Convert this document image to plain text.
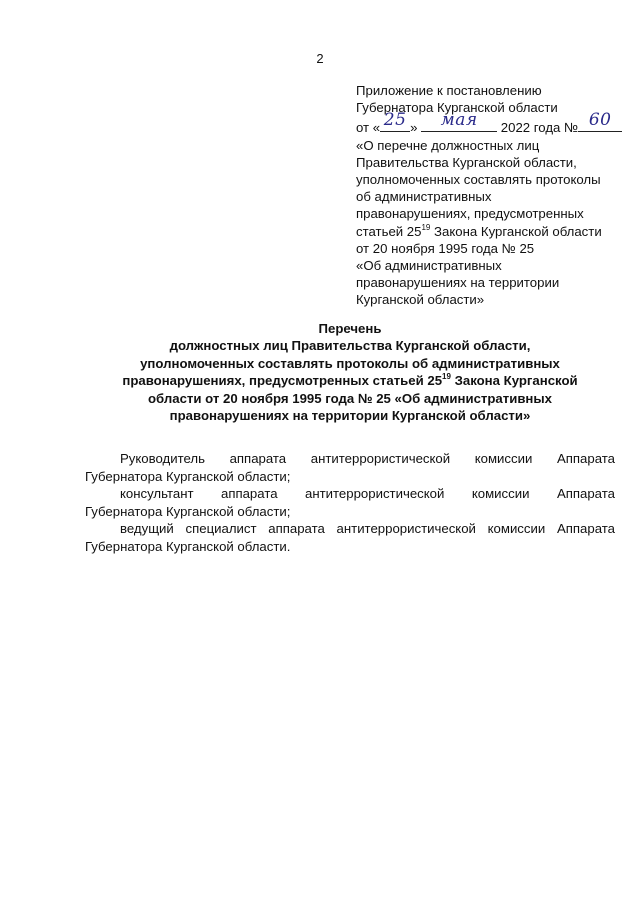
2
Приложение к постановлению
Губернатора Курганской области
от « 25 »	мая	2022 года № 60
«О перечне должностных лиц
Правительства Курганской области,
уполномоченных составлять протоколы
об административных
правонарушениях, предусмотренных
статьей $25^{19}$ Закона Курганской области
от 20 ноября 1995 года № 25
«Об административных
правонарушениях на территории
Курганской области»
Перечень
должностных лиц Правительства Курганской области,
уполномоченных составлять протоколы об административных
правонарушениях, предусмотренных статьей $25^{19}$ Закона Курганской
области от 20 ноября 1995 года № 25 «Об административных
правонарушениях на территории Курганской области»
Руководитель аппарата антитеррористической комиссии Аппарата
Губернатора Курганской области;
консультант аппарата антитеррористической комиссии Аппарата
Губернатора Курганской области;
ведущий специалист аппарата антитеррористической комиссии Аппарата
Губернатора Курганской области.
